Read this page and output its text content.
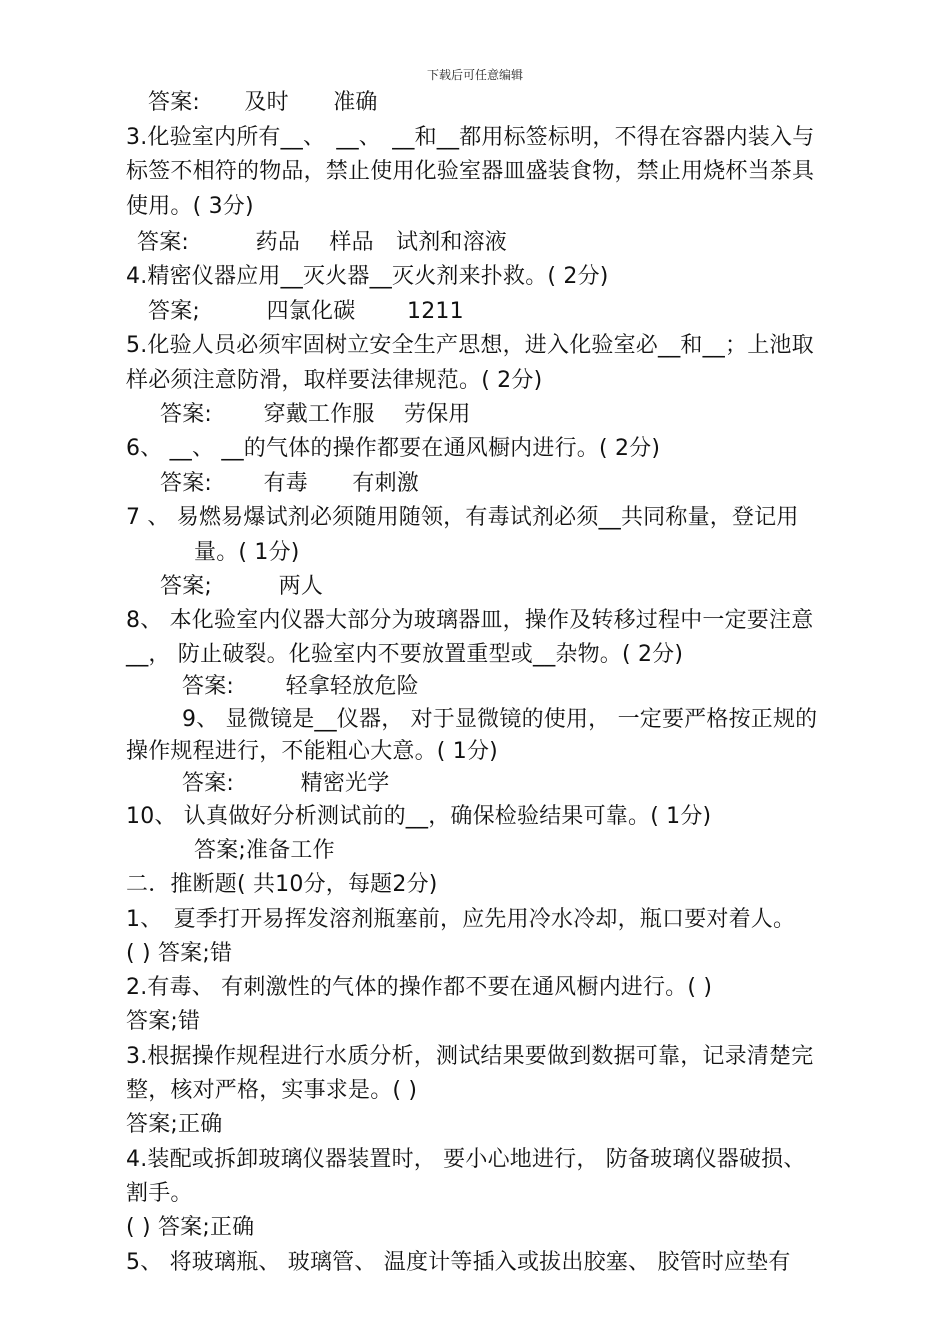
下载后可任意编辑
答案:　　及时　　准确
3.化验室内所有__、　__、　__和__都用标签标明，不得在容器内装入与
标签不相符的物品，禁止使用化验室器皿盛装食物，禁止用烧杯当茶具
使用。( 3分)
答案:　　　药品　 样品　试剂和溶液
4.精密仪器应用__灭火器__灭火剂来扑救。( 2分)
答案;　　　四氯化碳　　 1211
5.化验人员必须牢固树立安全生产思想，进入化验室必__和__；上池取
样必须注意防滑，取样要法律规范。( 2分)
答案:　　 穿戴工作服　 劳保用
6、 __、 __的气体的操作都要在通风橱内进行。( 2分)
答案:　　 有毒　　有刺激
7 、 易燃易爆试剂必须随用随领，有毒试剂必须__共同称量，登记用
量。( 1分)
答案;　　　两人
8、 本化验室内仪器大部分为玻璃器皿，操作及转移过程中一定要注意
__， 防止破裂。化验室内不要放置重型或__杂物。( 2分)
答案:　　 轻拿轻放危险
9、 显微镜是__仪器， 对于显微镜的使用， 一定要严格按正规的
操作规程进行，不能粗心大意。( 1分)
答案:　　　精密光学
10、 认真做好分析测试前的__，确保检验结果可靠。( 1分)
答案;准备工作
二．推断题( 共10分，每题2分)
1、　夏季打开易挥发溶剂瓶塞前，应先用冷水冷却，瓶口要对着人。
( ) 答案;错
2.有毒、 有刺激性的气体的操作都不要在通风橱内进行。( )
答案;错
3.根据操作规程进行水质分析，测试结果要做到数据可靠，记录清楚完
整，核对严格，实事求是。( )
答案;正确
4.装配或拆卸玻璃仪器装置时， 要小心地进行， 防备玻璃仪器破损、
割手。
( ) 答案;正确
5、 将玻璃瓶、 玻璃管、 温度计等插入或拔出胶塞、 胶管时应垫有
